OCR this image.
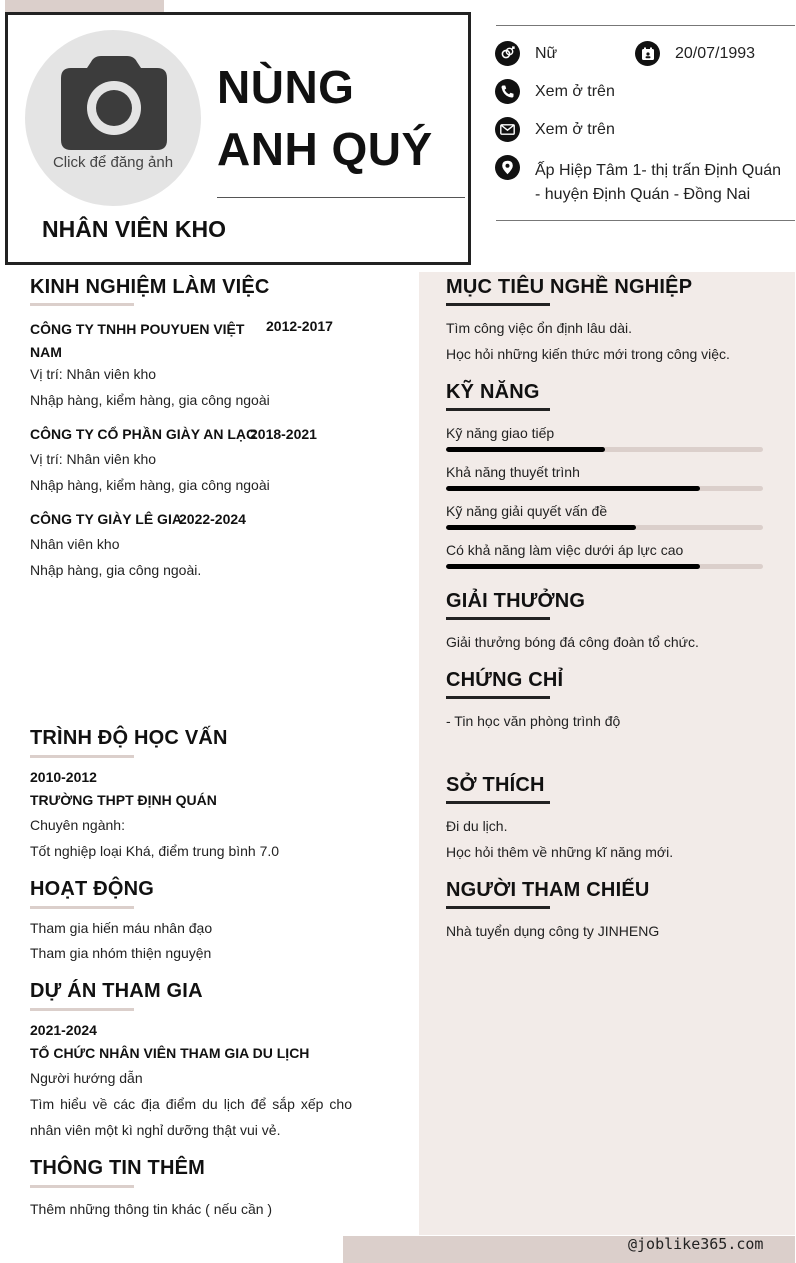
Click để đăng ảnh
NÙNG
ANH QUÝ
NHÂN VIÊN KHO
Nữ	20/07/1993
Xem ở trên
Xem ở trên
Ấp Hiệp Tâm 1- thị trấn Định Quán
- huyện Định Quán - Đồng Nai
@joblike365.com
KINH NGHIỆM LÀM VIỆC
CÔNG TY TNHH POUYUEN VIỆT
NAM
2012-2017
Vị trí: Nhân viên kho
Nhập hàng, kiểm hàng, gia công ngoài
CÔNG TY CỔ PHẦN GIÀY AN LẠC
2018-2021
Vị trí: Nhân viên kho
Nhập hàng, kiểm hàng, gia công ngoài
CÔNG TY GIÀY LÊ GIA
2022-2024
Nhân viên kho
Nhập hàng, gia công ngoài.
TRÌNH ĐỘ HỌC VẤN
2010-2012
TRƯỜNG THPT ĐỊNH QUÁN
Chuyên ngành:
Tốt nghiệp loại Khá, điểm trung bình 7.0
HOẠT ĐỘNG
Tham gia hiến máu nhân đạo
Tham gia nhóm thiện nguyện
DỰ ÁN THAM GIA
2021-2024
TỔ CHỨC NHÂN VIÊN THAM GIA DU LỊCH
Người hướng dẫn
Tìm hiểu về các địa điểm du lịch để sắp xếp cho
nhân viên một kì nghỉ dưỡng thật vui vẻ.
THÔNG TIN THÊM
Thêm những thông tin khác ( nếu cần )
MỤC TIÊU NGHỀ NGHIỆP
Tìm công việc ổn định lâu dài.
Học hỏi những kiến thức mới trong công việc.
KỸ NĂNG
Kỹ năng giao tiếp
Khả năng thuyết trình
Kỹ năng giải quyết vấn đề
Có khả năng làm việc dưới áp lực cao
GIẢI THƯỞNG
Giải thưởng bóng đá công đoàn tổ chức.
CHỨNG CHỈ
- Tin học văn phòng trình độ
SỞ THÍCH
Đi du lịch.
Học hỏi thêm về những kĩ năng mới.
NGƯỜI THAM CHIẾU
Nhà tuyển dụng công ty JINHENG
